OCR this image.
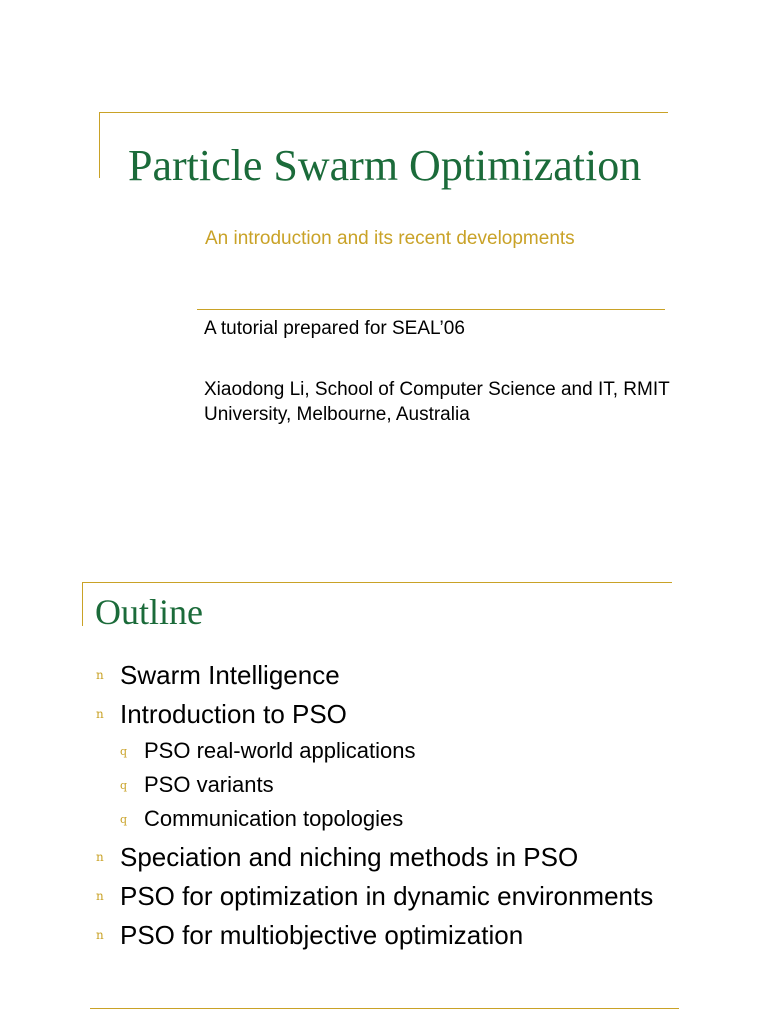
Particle Swarm Optimization
An introduction and its recent developments
A tutorial prepared for SEAL’06
Xiaodong Li, School of Computer Science and IT, RMIT University, Melbourne, Australia
Outline
n Swarm Intelligence
n Introduction to PSO
q PSO real-world applications
q PSO variants
q Communication topologies
n Speciation and niching methods in PSO
n PSO for optimization in dynamic environments
n PSO for multiobjective optimization
